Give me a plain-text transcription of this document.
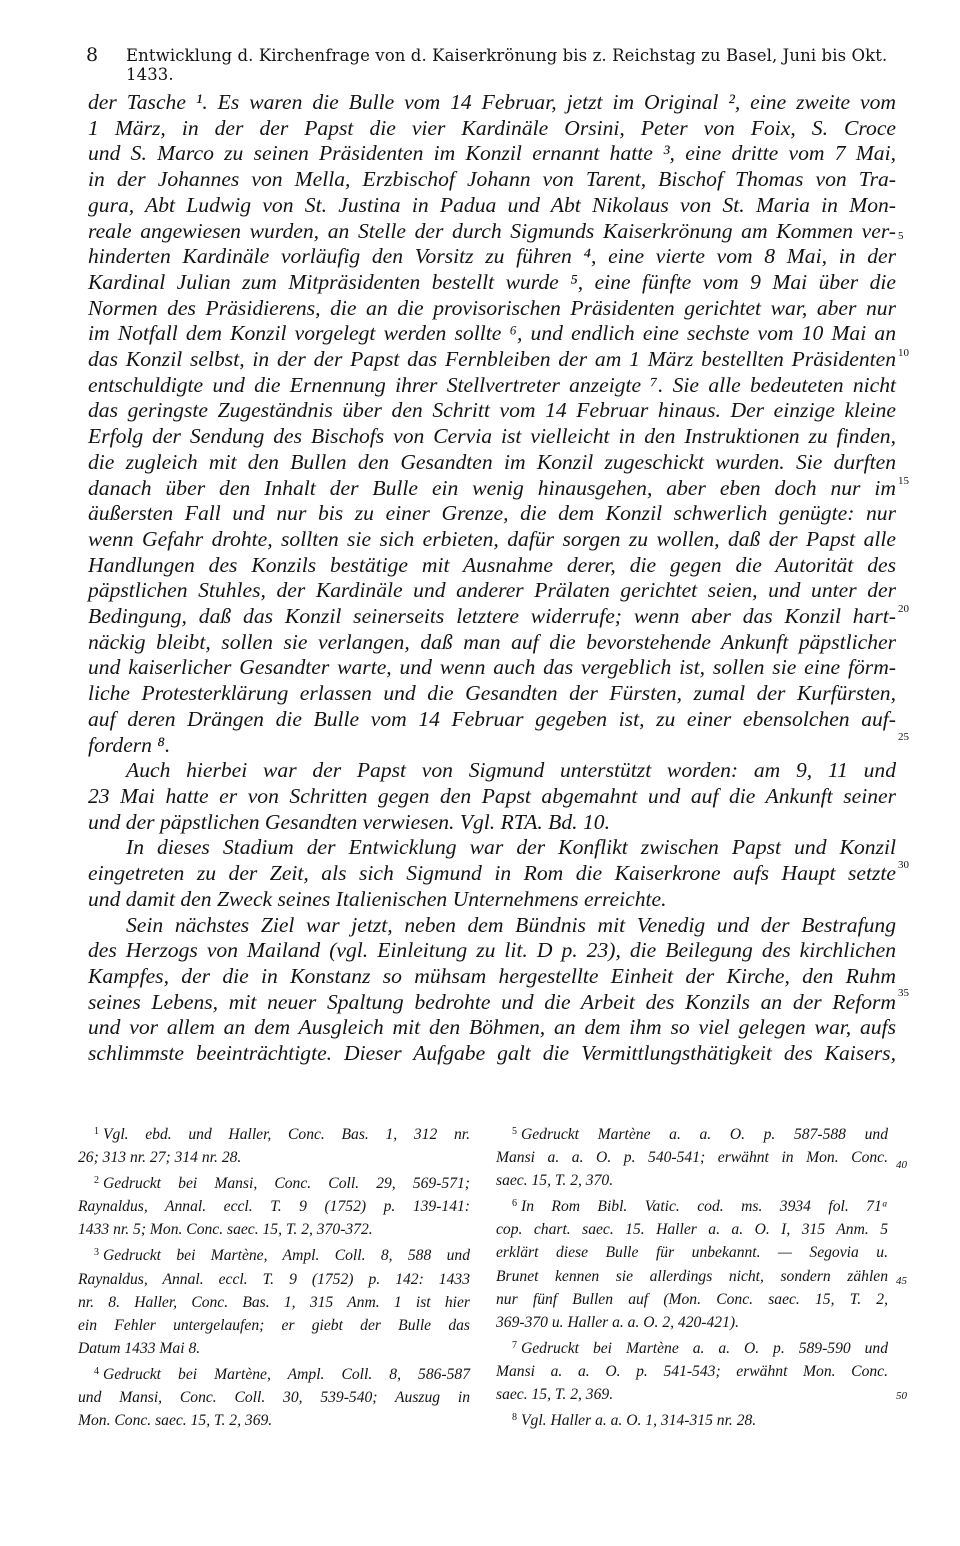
8 Entwicklung d. Kirchenfrage von d. Kaiserkrönung bis z. Reichstag zu Basel, Juni bis Okt. 1433.

der Tasche ¹. Es waren die Bulle vom 14 Februar, jetzt im Original ², eine zweite vom
1 März, in der der Papst die vier Kardinäle Orsini, Peter von Foix, S. Croce
und S. Marco zu seinen Präsidenten im Konzil ernannt hatte ³, eine dritte vom 7 Mai,
in der Johannes von Mella, Erzbischof Johann von Tarent, Bischof Thomas von Tra-
gura, Abt Ludwig von St. Justina in Padua und Abt Nikolaus von St. Maria in Mon-
reale angewiesen wurden, an Stelle der durch Sigmunds Kaiserkrönung am Kommen ver-
hinderten Kardinäle vorläufig den Vorsitz zu führen ⁴, eine vierte vom 8 Mai, in der
Kardinal Julian zum Mitpräsidenten bestellt wurde ⁵, eine fünfte vom 9 Mai über die
Normen des Präsidierens, die an die provisorischen Präsidenten gerichtet war, aber nur
im Notfall dem Konzil vorgelegt werden sollte ⁶, und endlich eine sechste vom 10 Mai an
das Konzil selbst, in der der Papst das Fernbleiben der am 1 März bestellten Präsidenten
entschuldigte und die Ernennung ihrer Stellvertreter anzeigte ⁷. Sie alle bedeuteten nicht
das geringste Zugeständnis über den Schritt vom 14 Februar hinaus. Der einzige kleine
Erfolg der Sendung des Bischofs von Cervia ist vielleicht in den Instruktionen zu finden,
die zugleich mit den Bullen den Gesandten im Konzil zugeschickt wurden. Sie durften
danach über den Inhalt der Bulle ein wenig hinausgehen, aber eben doch nur im
äußersten Fall und nur bis zu einer Grenze, die dem Konzil schwerlich genügte: nur
wenn Gefahr drohte, sollten sie sich erbieten, dafür sorgen zu wollen, daß der Papst alle
Handlungen des Konzils bestätige mit Ausnahme derer, die gegen die Autorität des
päpstlichen Stuhles, der Kardinäle und anderer Prälaten gerichtet seien, und unter der
Bedingung, daß das Konzil seinerseits letztere widerrufe; wenn aber das Konzil hart-
näckig bleibt, sollen sie verlangen, daß man auf die bevorstehende Ankunft päpstlicher
und kaiserlicher Gesandter warte, und wenn auch das vergeblich ist, sollen sie eine förm-
liche Protesterklärung erlassen und die Gesandten der Fürsten, zumal der Kurfürsten,
auf deren Drängen die Bulle vom 14 Februar gegeben ist, zu einer ebensolchen auf-
fordern ⁸.

Auch hierbei war der Papst von Sigmund unterstützt worden: am 9, 11 und
23 Mai hatte er von Schritten gegen den Papst abgemahnt und auf die Ankunft seiner
und der päpstlichen Gesandten verwiesen. Vgl. RTA. Bd. 10.

In dieses Stadium der Entwicklung war der Konflikt zwischen Papst und Konzil
eingetreten zu der Zeit, als sich Sigmund in Rom die Kaiserkrone aufs Haupt setzte
und damit den Zweck seines Italienischen Unternehmens erreichte.

Sein nächstes Ziel war jetzt, neben dem Bündnis mit Venedig und der Bestrafung
des Herzogs von Mailand (vgl. Einleitung zu lit. D p. 23), die Beilegung des kirchlichen
Kampfes, der die in Konstanz so mühsam hergestellte Einheit der Kirche, den Ruhm
seines Lebens, mit neuer Spaltung bedrohte und die Arbeit des Konzils an der Reform
und vor allem an dem Ausgleich mit den Böhmen, an dem ihm so viel gelegen war, aufs
schlimmste beeinträchtigte. Dieser Aufgabe galt die Vermittlungsthätigkeit des Kaisers,

5
10
15
20
25
30
35

$^1$ Vgl. ebd. und Haller, Conc. Bas. 1, 312 nr.
26; 313 nr. 27; 314 nr. 28.

$^2$ Gedruckt bei Mansi, Conc. Coll. 29, 569-571;
Raynaldus, Annal. eccl. T. 9 (1752) p. 139-141:
1433 nr. 5; Mon. Conc. saec. 15, T. 2, 370-372.

$^3$ Gedruckt bei Martène, Ampl. Coll. 8, 588 und
Raynaldus, Annal. eccl. T. 9 (1752) p. 142: 1433
nr. 8. Haller, Conc. Bas. 1, 315 Anm. 1 ist hier
ein Fehler untergelaufen; er giebt der Bulle das
Datum 1433 Mai 8.

$^4$ Gedruckt bei Martène, Ampl. Coll. 8, 586-587
und Mansi, Conc. Coll. 30, 539-540; Auszug in
Mon. Conc. saec. 15, T. 2, 369.

$^5$ Gedruckt Martène a. a. O. p. 587-588 und
Mansi a. a. O. p. 540-541; erwähnt in Mon. Conc.
saec. 15, T. 2, 370.

$^6$ In Rom Bibl. Vatic. cod. ms. 3934 fol. 71ᵃ
cop. chart. saec. 15. Haller a. a. O. I, 315 Anm. 5
erklärt diese Bulle für unbekannt. — Segovia u.
Brunet kennen sie allerdings nicht, sondern zählen
nur fünf Bullen auf (Mon. Conc. saec. 15, T. 2,
369-370 u. Haller a. a. O. 2, 420-421).

$^7$ Gedruckt bei Martène a. a. O. p. 589-590 und
Mansi a. a. O. p. 541-543; erwähnt Mon. Conc.
saec. 15, T. 2, 369.

$^8$ Vgl. Haller a. a. O. 1, 314-315 nr. 28.

40
45
50
